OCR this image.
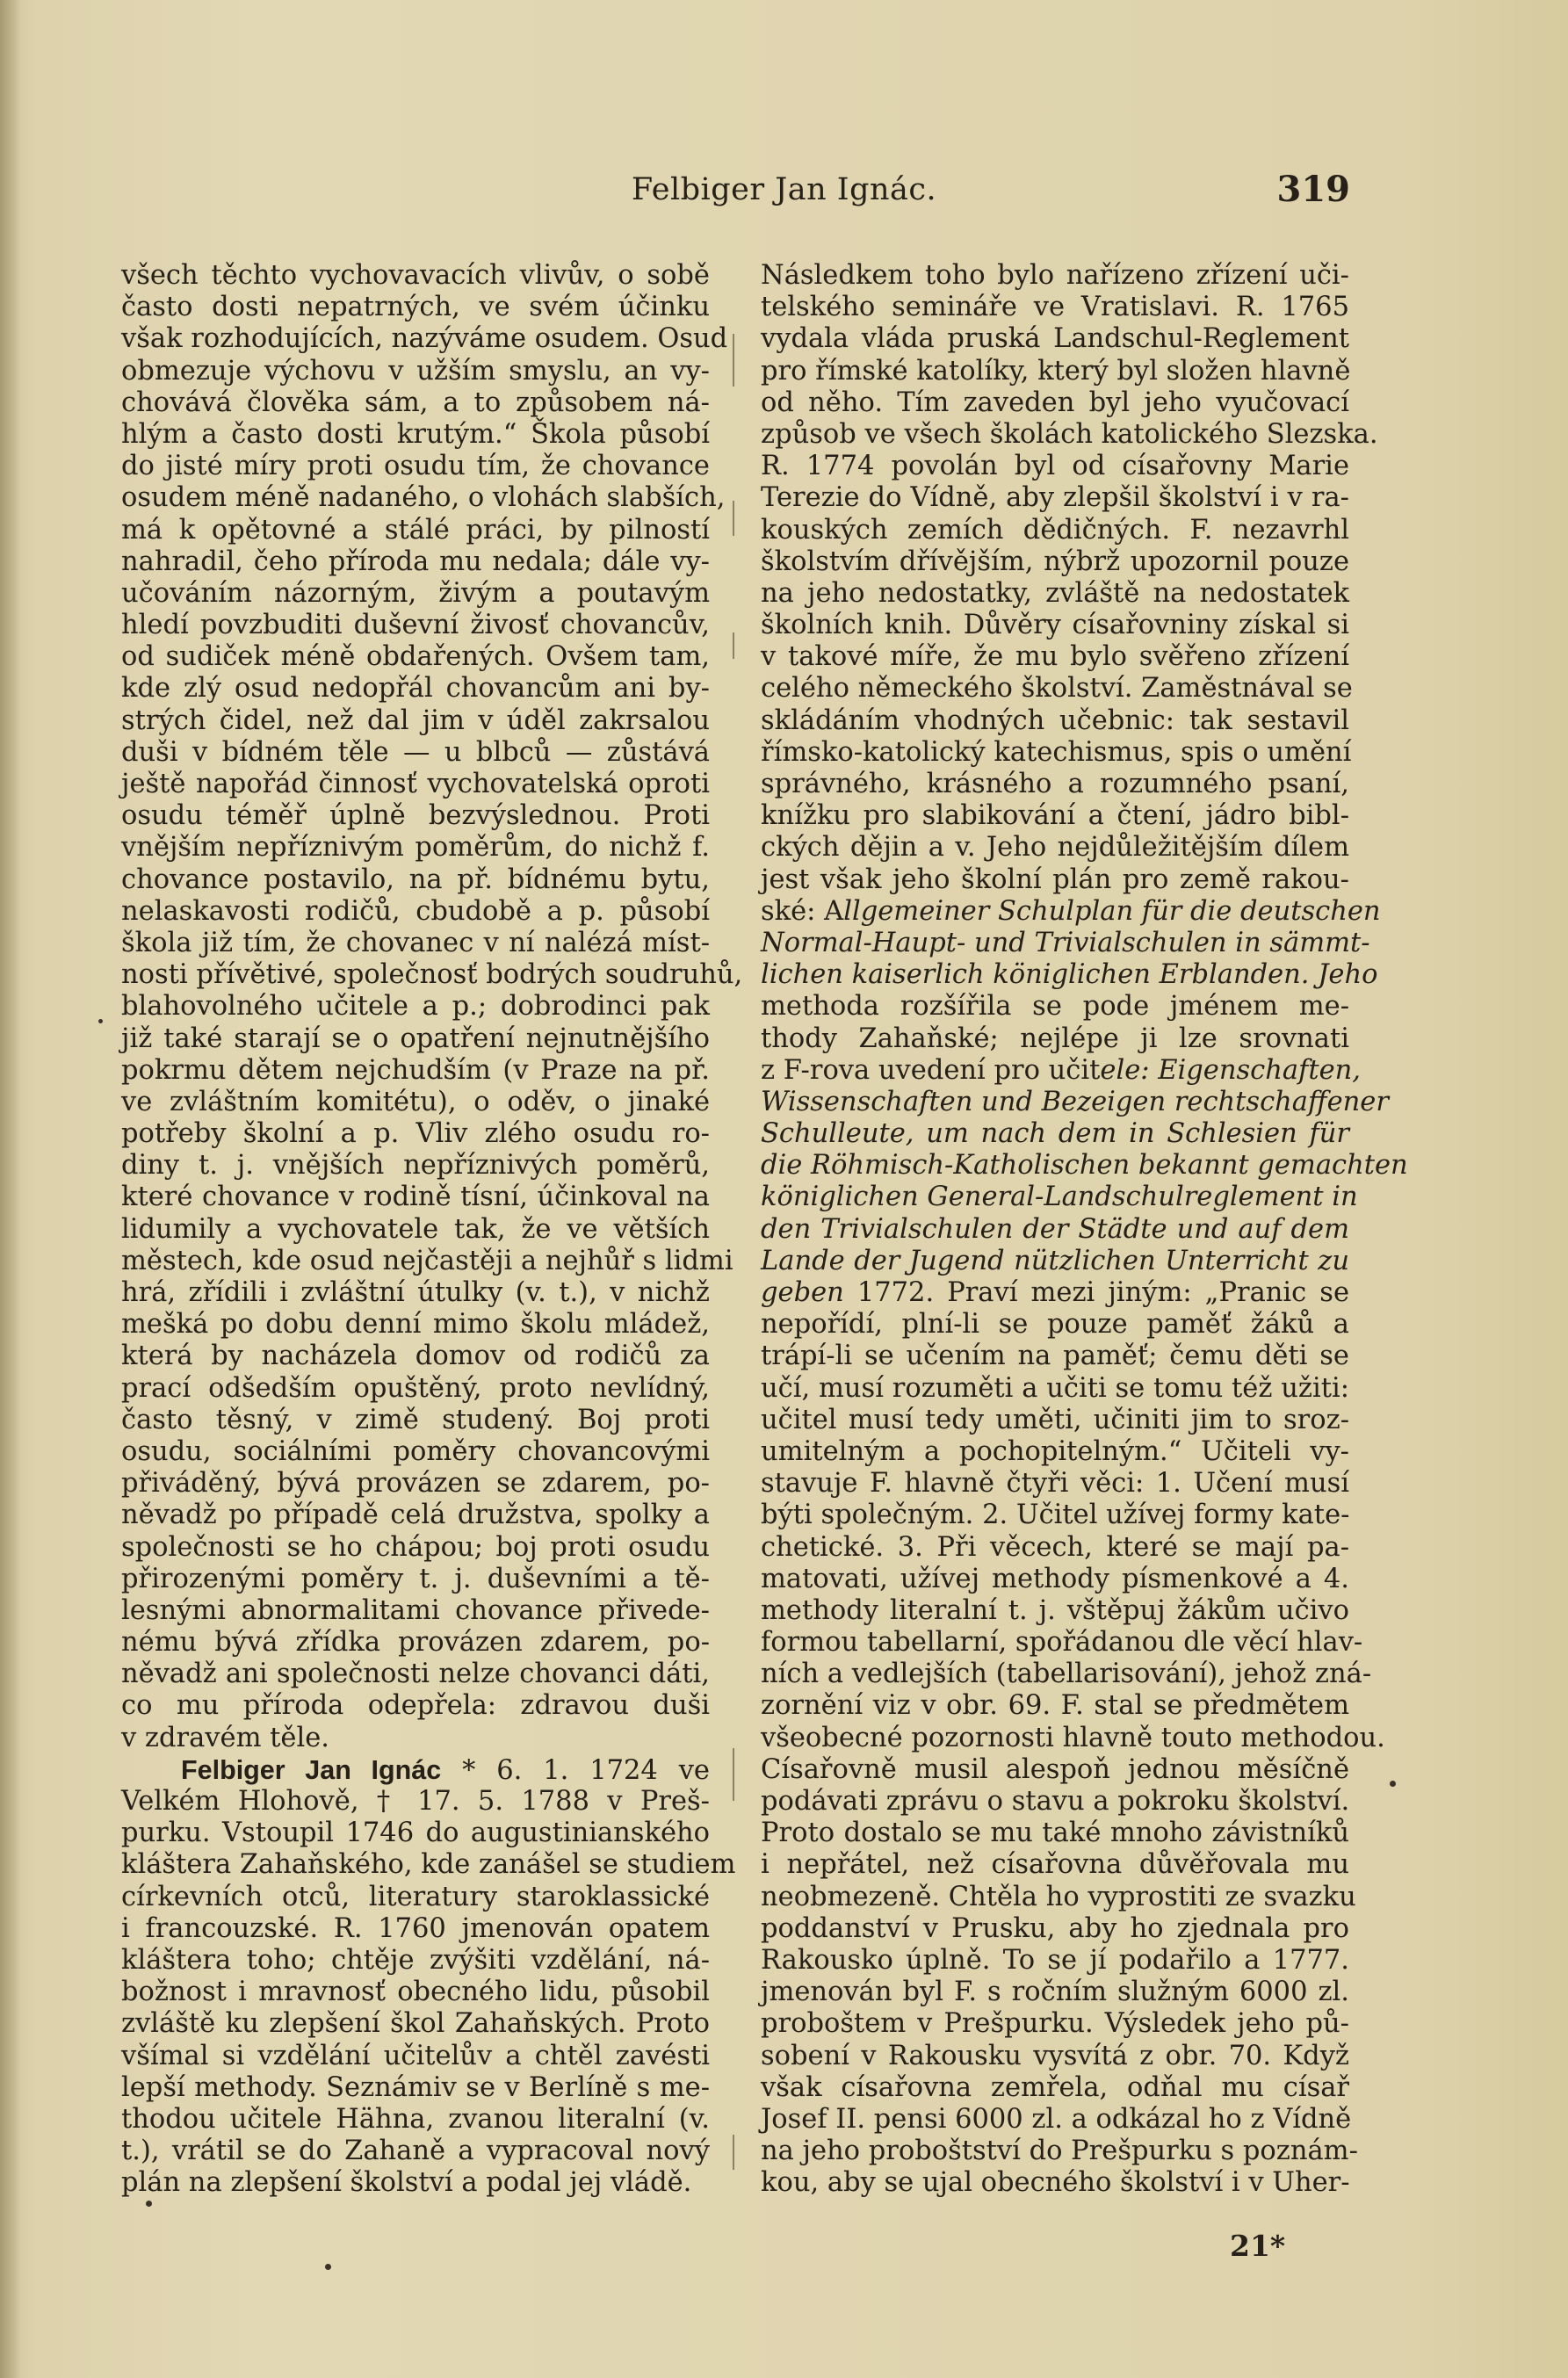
Felbiger Jan Ignác.	319
všech těchto vychovavacích vlivův, o sobě
často dosti nepatrných, ve svém účinku
však rozhodujících, nazýváme osudem. Osud
obmezuje výchovu v užším smyslu, an vy-
chovává člověka sám, a to způsobem ná-
hlým a často dosti krutým.“ Škola působí
do jisté míry proti osudu tím, že chovance
osudem méně nadaného, o vlohách slabších,
má k opětovné a stálé práci, by pilností
nahradil, čeho příroda mu nedala; dále vy-
učováním názorným, živým a poutavým
hledí povzbuditi duševní živosť chovancův,
od sudiček méně obdařených. Ovšem tam,
kde zlý osud nedopřál chovancům ani by-
strých čidel, než dal jim v úděl zakrsalou
duši v bídném těle — u blbců — zůstává
ještě napořád činnosť vychovatelská oproti
osudu téměř úplně bezvýslednou. Proti
vnějším nepříznivým poměrům, do nichž f.
chovance postavilo, na př. bídnému bytu,
nelaskavosti rodičů, cbudobě a p. působí
škola již tím, že chovanec v ní nalézá míst-
nosti přívětivé, společnosť bodrých soudruhů,
blahovolného učitele a p.; dobrodinci pak
již také starají se o opatření nejnutnějšího
pokrmu dětem nejchudším (v Praze na př.
ve zvláštním komitétu), o oděv, o jinaké
potřeby školní a p. Vliv zlého osudu ro-
diny t. j. vnějších nepříznivých poměrů,
které chovance v rodině tísní, účinkoval na
lidumily a vychovatele tak, že ve větších
městech, kde osud nejčastěji a nejhůř s lidmi
hrá, zřídili i zvláštní útulky (v. t.), v nichž
mešká po dobu denní mimo školu mládež,
která by nacházela domov od rodičů za
prací odšedším opuštěný, proto nevlídný,
často těsný, v zimě studený. Boj proti
osudu, sociálními poměry chovancovými
přiváděný, bývá provázen se zdarem, po-
něvadž po případě celá družstva, spolky a
společnosti se ho chápou; boj proti osudu
přirozenými poměry t. j. duševními a tě-
lesnými abnormalitami chovance přivede-
nému bývá zřídka provázen zdarem, po-
něvadž ani společnosti nelze chovanci dáti,
co mu příroda odepřela: zdravou duši
v zdravém těle.
Felbiger Jan Ignác * 6. 1. 1724 ve
Velkém Hlohově, † 17. 5. 1788 v Preš-
purku. Vstoupil 1746 do augustinianského
kláštera Zahaňského, kde zanášel se studiem
církevních otců, literatury staroklassické
i francouzské. R. 1760 jmenován opatem
kláštera toho; chtěje zvýšiti vzdělání, ná-
božnost i mravnosť obecného lidu, působil
zvláště ku zlepšení škol Zahaňských. Proto
všímal si vzdělání učitelův a chtěl zavésti
lepší methody. Seznámiv se v Berlíně s me-
thodou učitele Hähna, zvanou literalní (v.
t.), vrátil se do Zahaně a vypracoval nový
plán na zlepšení školství a podal jej vládě.
Následkem toho bylo nařízeno zřízení uči-
telského semináře ve Vratislavi. R. 1765
vydala vláda pruská Landschul-Reglement
pro římské katolíky, který byl složen hlavně
od něho. Tím zaveden byl jeho vyučovací
způsob ve všech školách katolického Slezska.
R. 1774 povolán byl od císařovny Marie
Terezie do Vídně, aby zlepšil školství i v ra-
kouských zemích dědičných. F. nezavrhl
školstvím dřívějším, nýbrž upozornil pouze
na jeho nedostatky, zvláště na nedostatek
školních knih. Důvěry císařovniny získal si
v takové míře, že mu bylo svěřeno zřízení
celého německého školství. Zaměstnával se
skládáním vhodných učebnic: tak sestavil
římsko-katolický katechismus, spis o umění
správného, krásného a rozumného psaní,
knížku pro slabikování a čtení, jádro bibl-
ckých dějin a v. Jeho nejdůležitějším dílem
jest však jeho školní plán pro země rakou-
ské: Allgemeiner Schulplan für die deutschen
Normal-Haupt- und Trivialschulen in sämmt-
lichen kaiserlich königlichen Erblanden. Jeho
methoda rozšířila se pode jménem me-
thody Zahaňské; nejlépe ji lze srovnati
z F-rova uvedení pro učitele: Eigenschaften,
Wissenschaften und Bezeigen rechtschaffener
Schulleute, um nach dem in Schlesien für
die Röhmisch-Katholischen bekannt gemachten
königlichen General-Landschulreglement in
den Trivialschulen der Städte und auf dem
Lande der Jugend nützlichen Unterricht zu
geben 1772. Praví mezi jiným: „Pranic se
nepořídí, plní-li se pouze paměť žáků a
trápí-li se učením na paměť; čemu děti se
učí, musí rozuměti a učiti se tomu též užiti:
učitel musí tedy uměti, učiniti jim to sroz-
umitelným a pochopitelným.“ Učiteli vy-
stavuje F. hlavně čtyři věci: 1. Učení musí
býti společným. 2. Učitel užívej formy kate-
chetické. 3. Při věcech, které se mají pa-
matovati, užívej methody písmenkové a 4.
methody literalní t. j. vštěpuj žákům učivo
formou tabellarní, spořádanou dle věcí hlav-
ních a vedlejších (tabellarisování), jehož zná-
zornění viz v obr. 69. F. stal se předmětem
všeobecné pozornosti hlavně touto methodou.
Císařovně musil alespoň jednou měsíčně
podávati zprávu o stavu a pokroku školství.
Proto dostalo se mu také mnoho závistníků
i nepřátel, než císařovna důvěřovala mu
neobmezeně. Chtěla ho vyprostiti ze svazku
poddanství v Prusku, aby ho zjednala pro
Rakousko úplně. To se jí podařilo a 1777.
jmenován byl F. s ročním služným 6000 zl.
proboštem v Prešpurku. Výsledek jeho pů-
sobení v Rakousku vysvítá z obr. 70. Když
však císařovna zemřela, odňal mu císař
Josef II. pensi 6000 zl. a odkázal ho z Vídně
na jeho proboštství do Prešpurku s poznám-
kou, aby se ujal obecného školství i v Uher-
21*
